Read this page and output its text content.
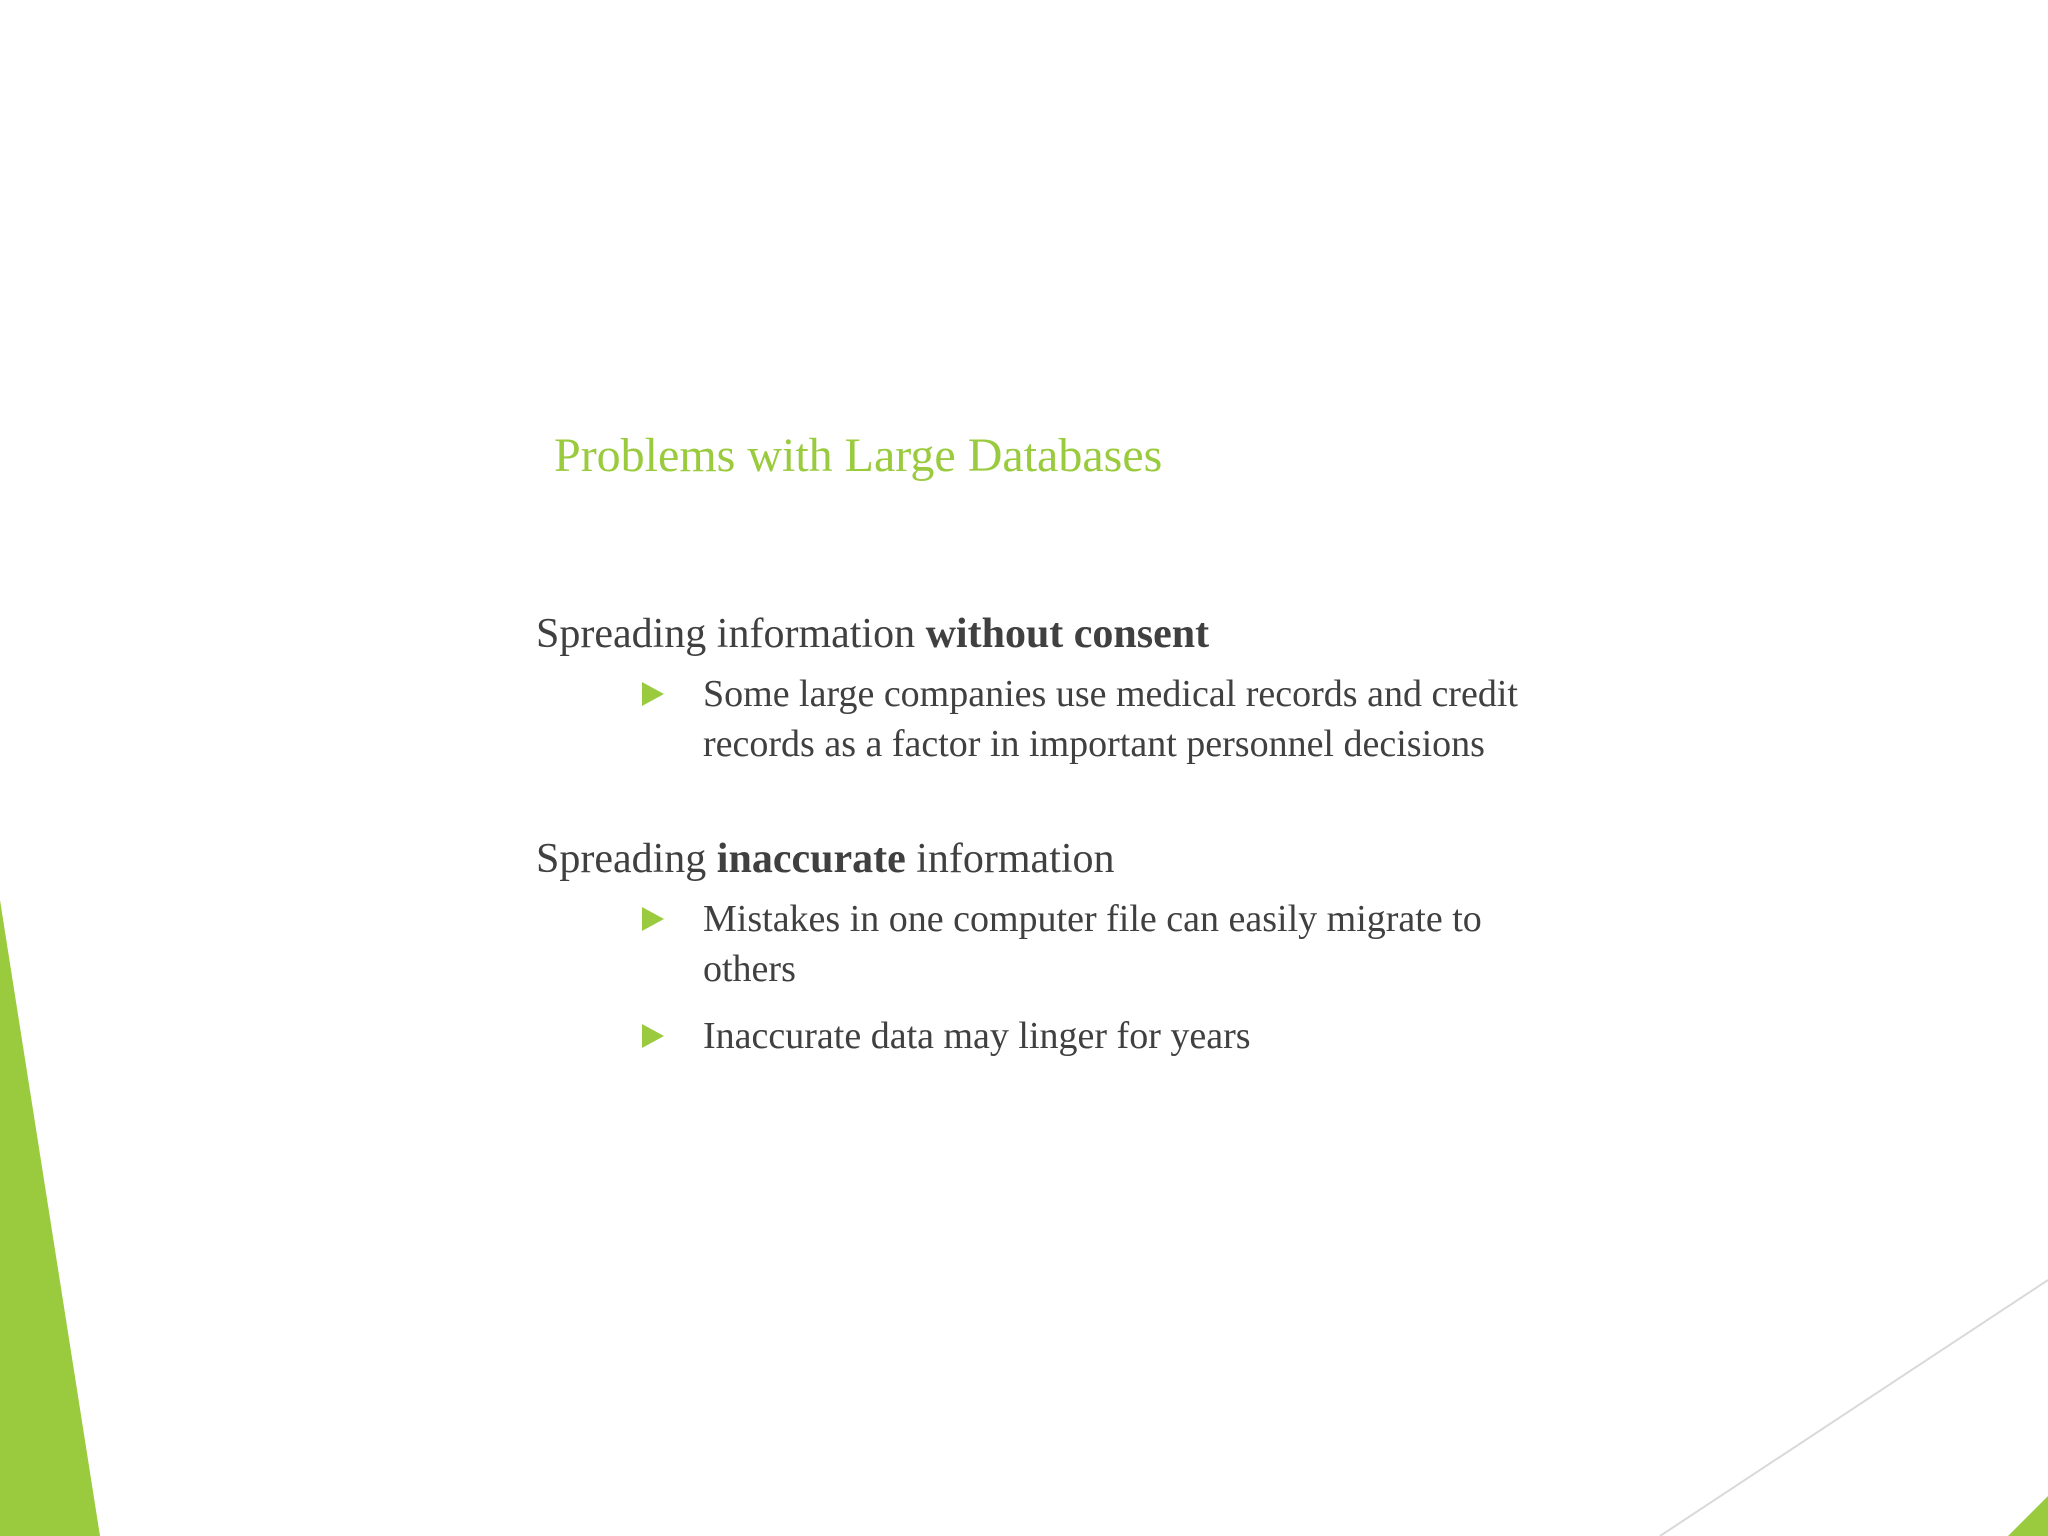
Problems with Large Databases

Spreading information without consent

Some large companies use medical records and credit records as a factor in important personnel decisions

Spreading inaccurate information

Mistakes in one computer file can easily migrate to others
Inaccurate data may linger for years
